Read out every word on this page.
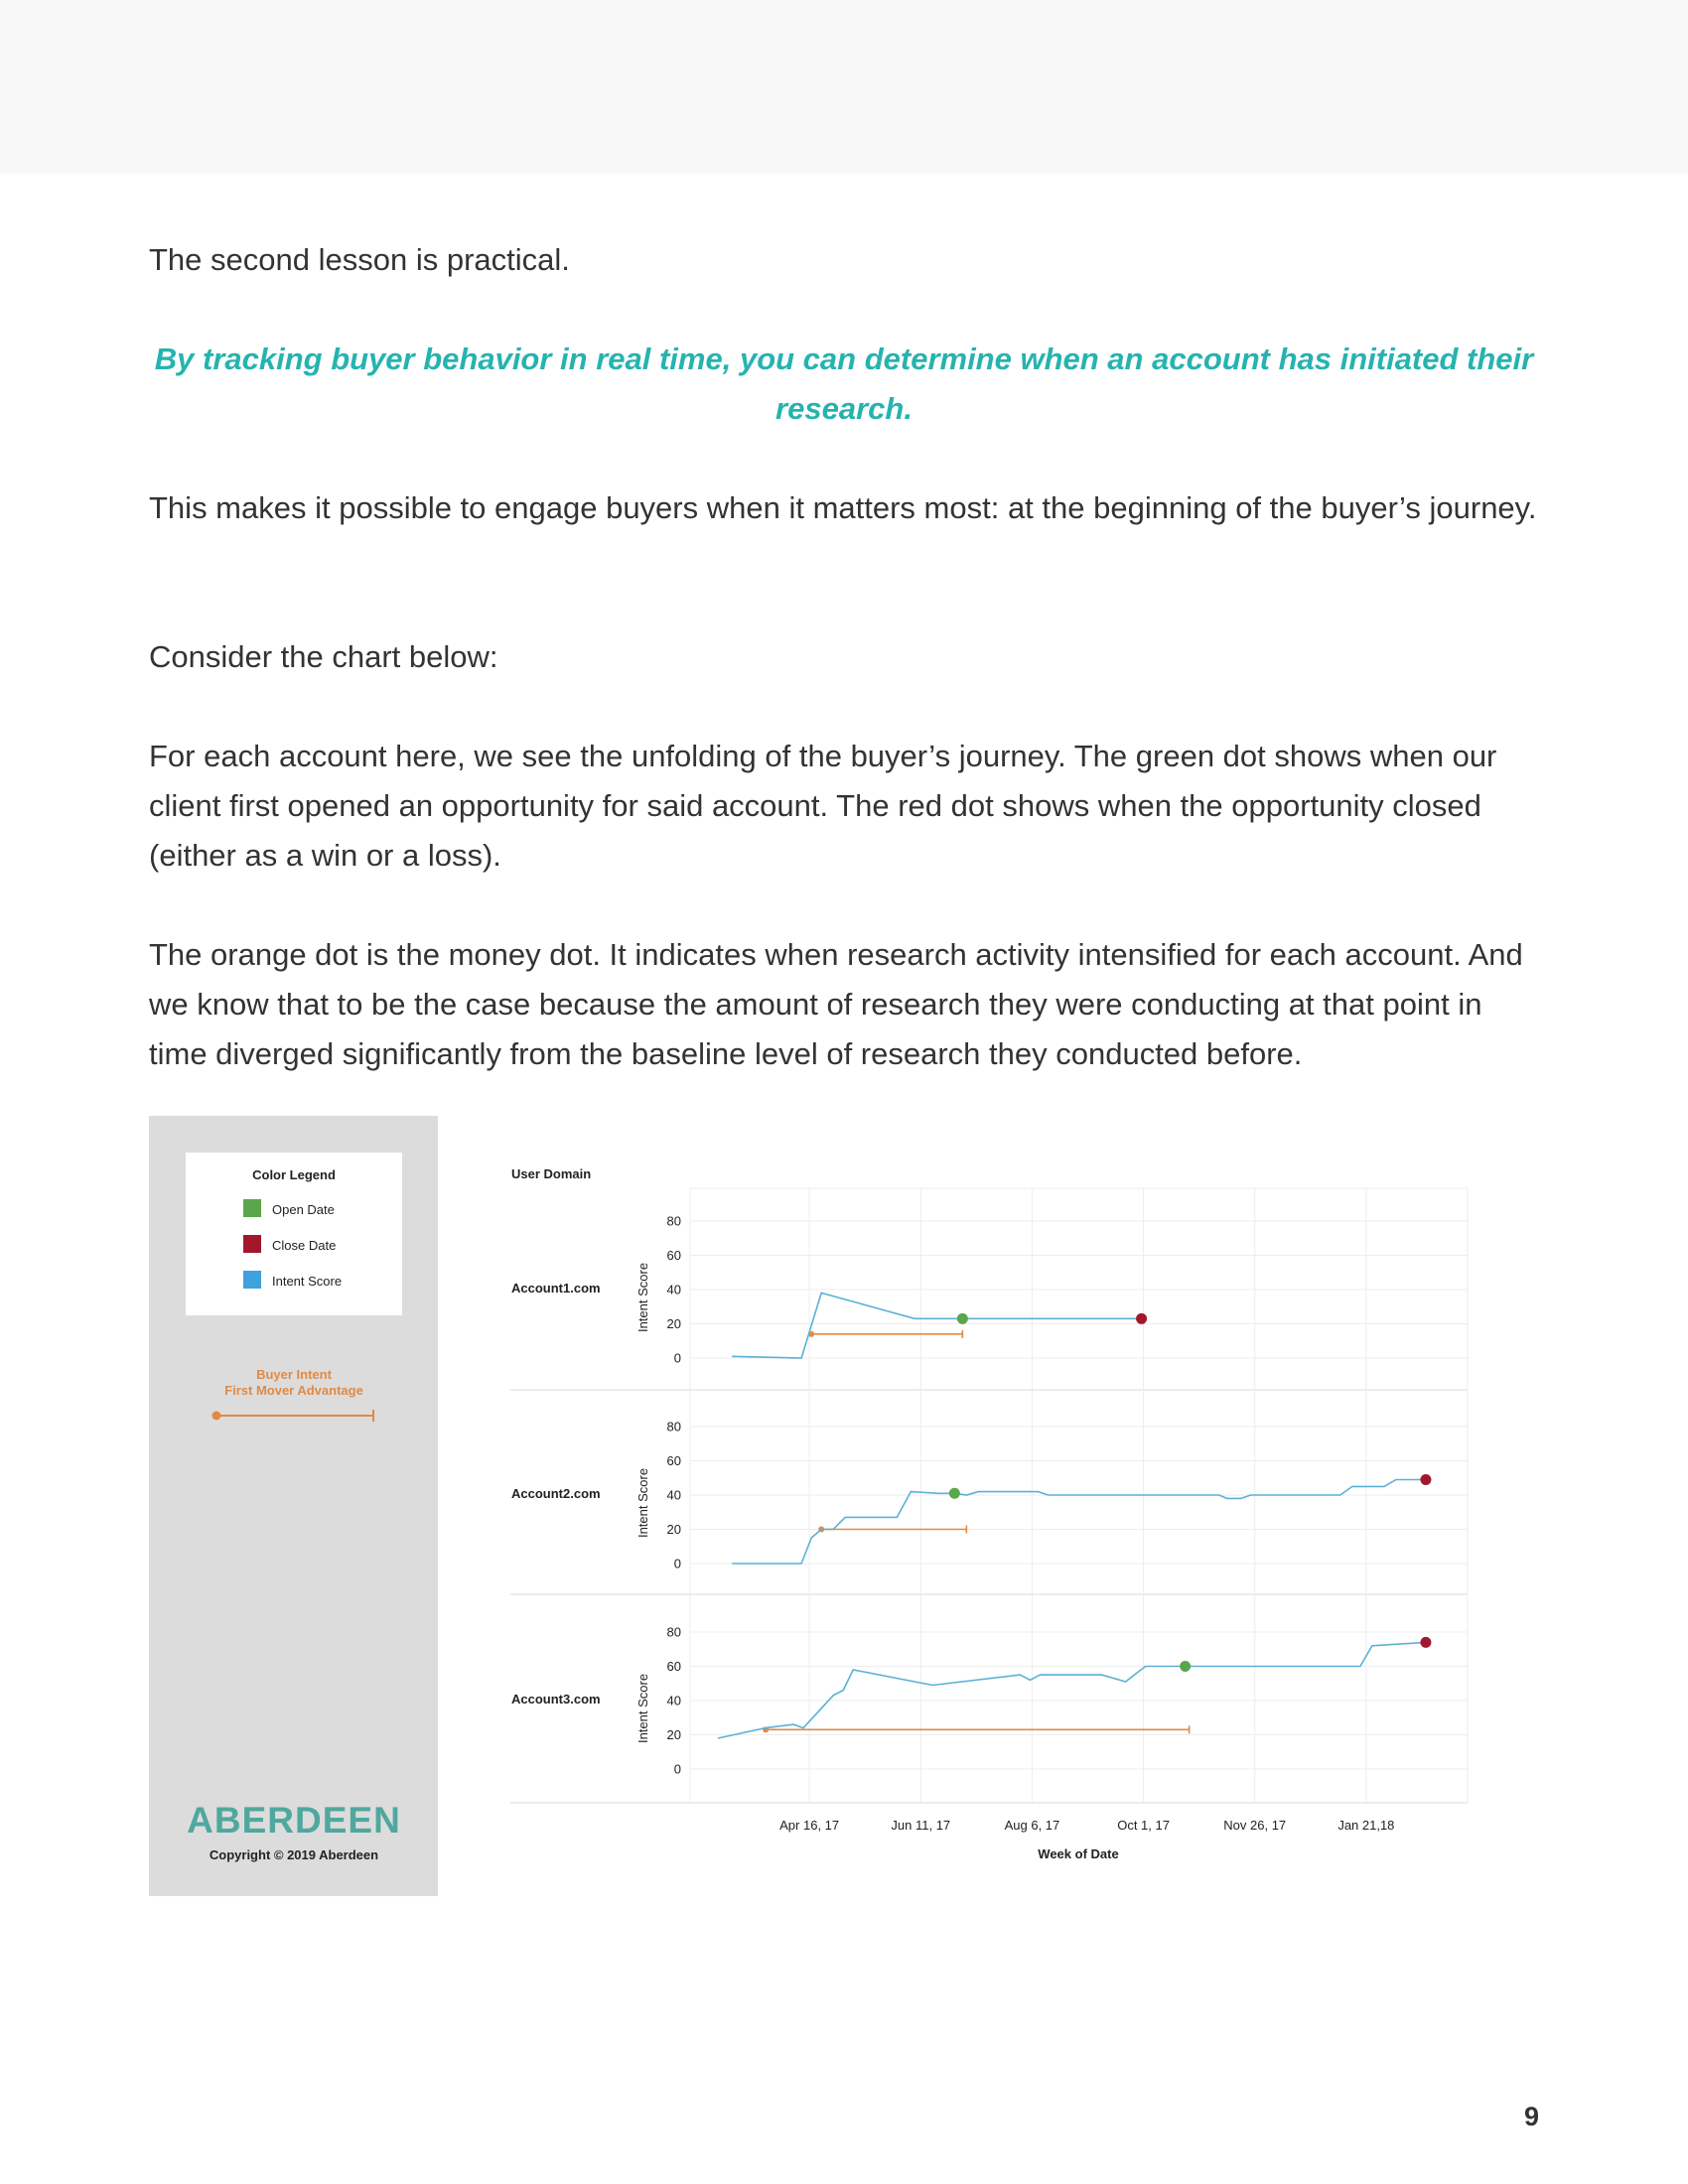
The second lesson is practical.

By tracking buyer behavior in real time, you can determine when an account has initiated their research.

This makes it possible to engage buyers when it matters most: at the beginning of the buyer’s journey.

Consider the chart below:

For each account here, we see the unfolding of the buyer’s journey. The green dot shows when our client first opened an opportunity for said account. The red dot shows when the opportunity closed (either as a win or a loss).

The orange dot is the money dot. It indicates when research activity intensified for each account. And we know that to be the case because the amount of research they were conducting at that point in time diverged significantly from the baseline level of research they conducted before.

Color Legend
Open Date
Close Date
Intent Score
Buyer Intent
First Mover Advantage
ABERDEEN
Copyright © 2019 Aberdeen
User Domain
Apr 16, 17	Jun 11, 17	Aug 6, 17	Oct 1, 17	Nov 26, 17	Jan 21,18
0
20
40
60
80
Intent Score
Account1.com
0
20
40
60
80
Intent Score
Account2.com
0
20
40
60
80
Intent Score
Account3.com
Week of Date
9
